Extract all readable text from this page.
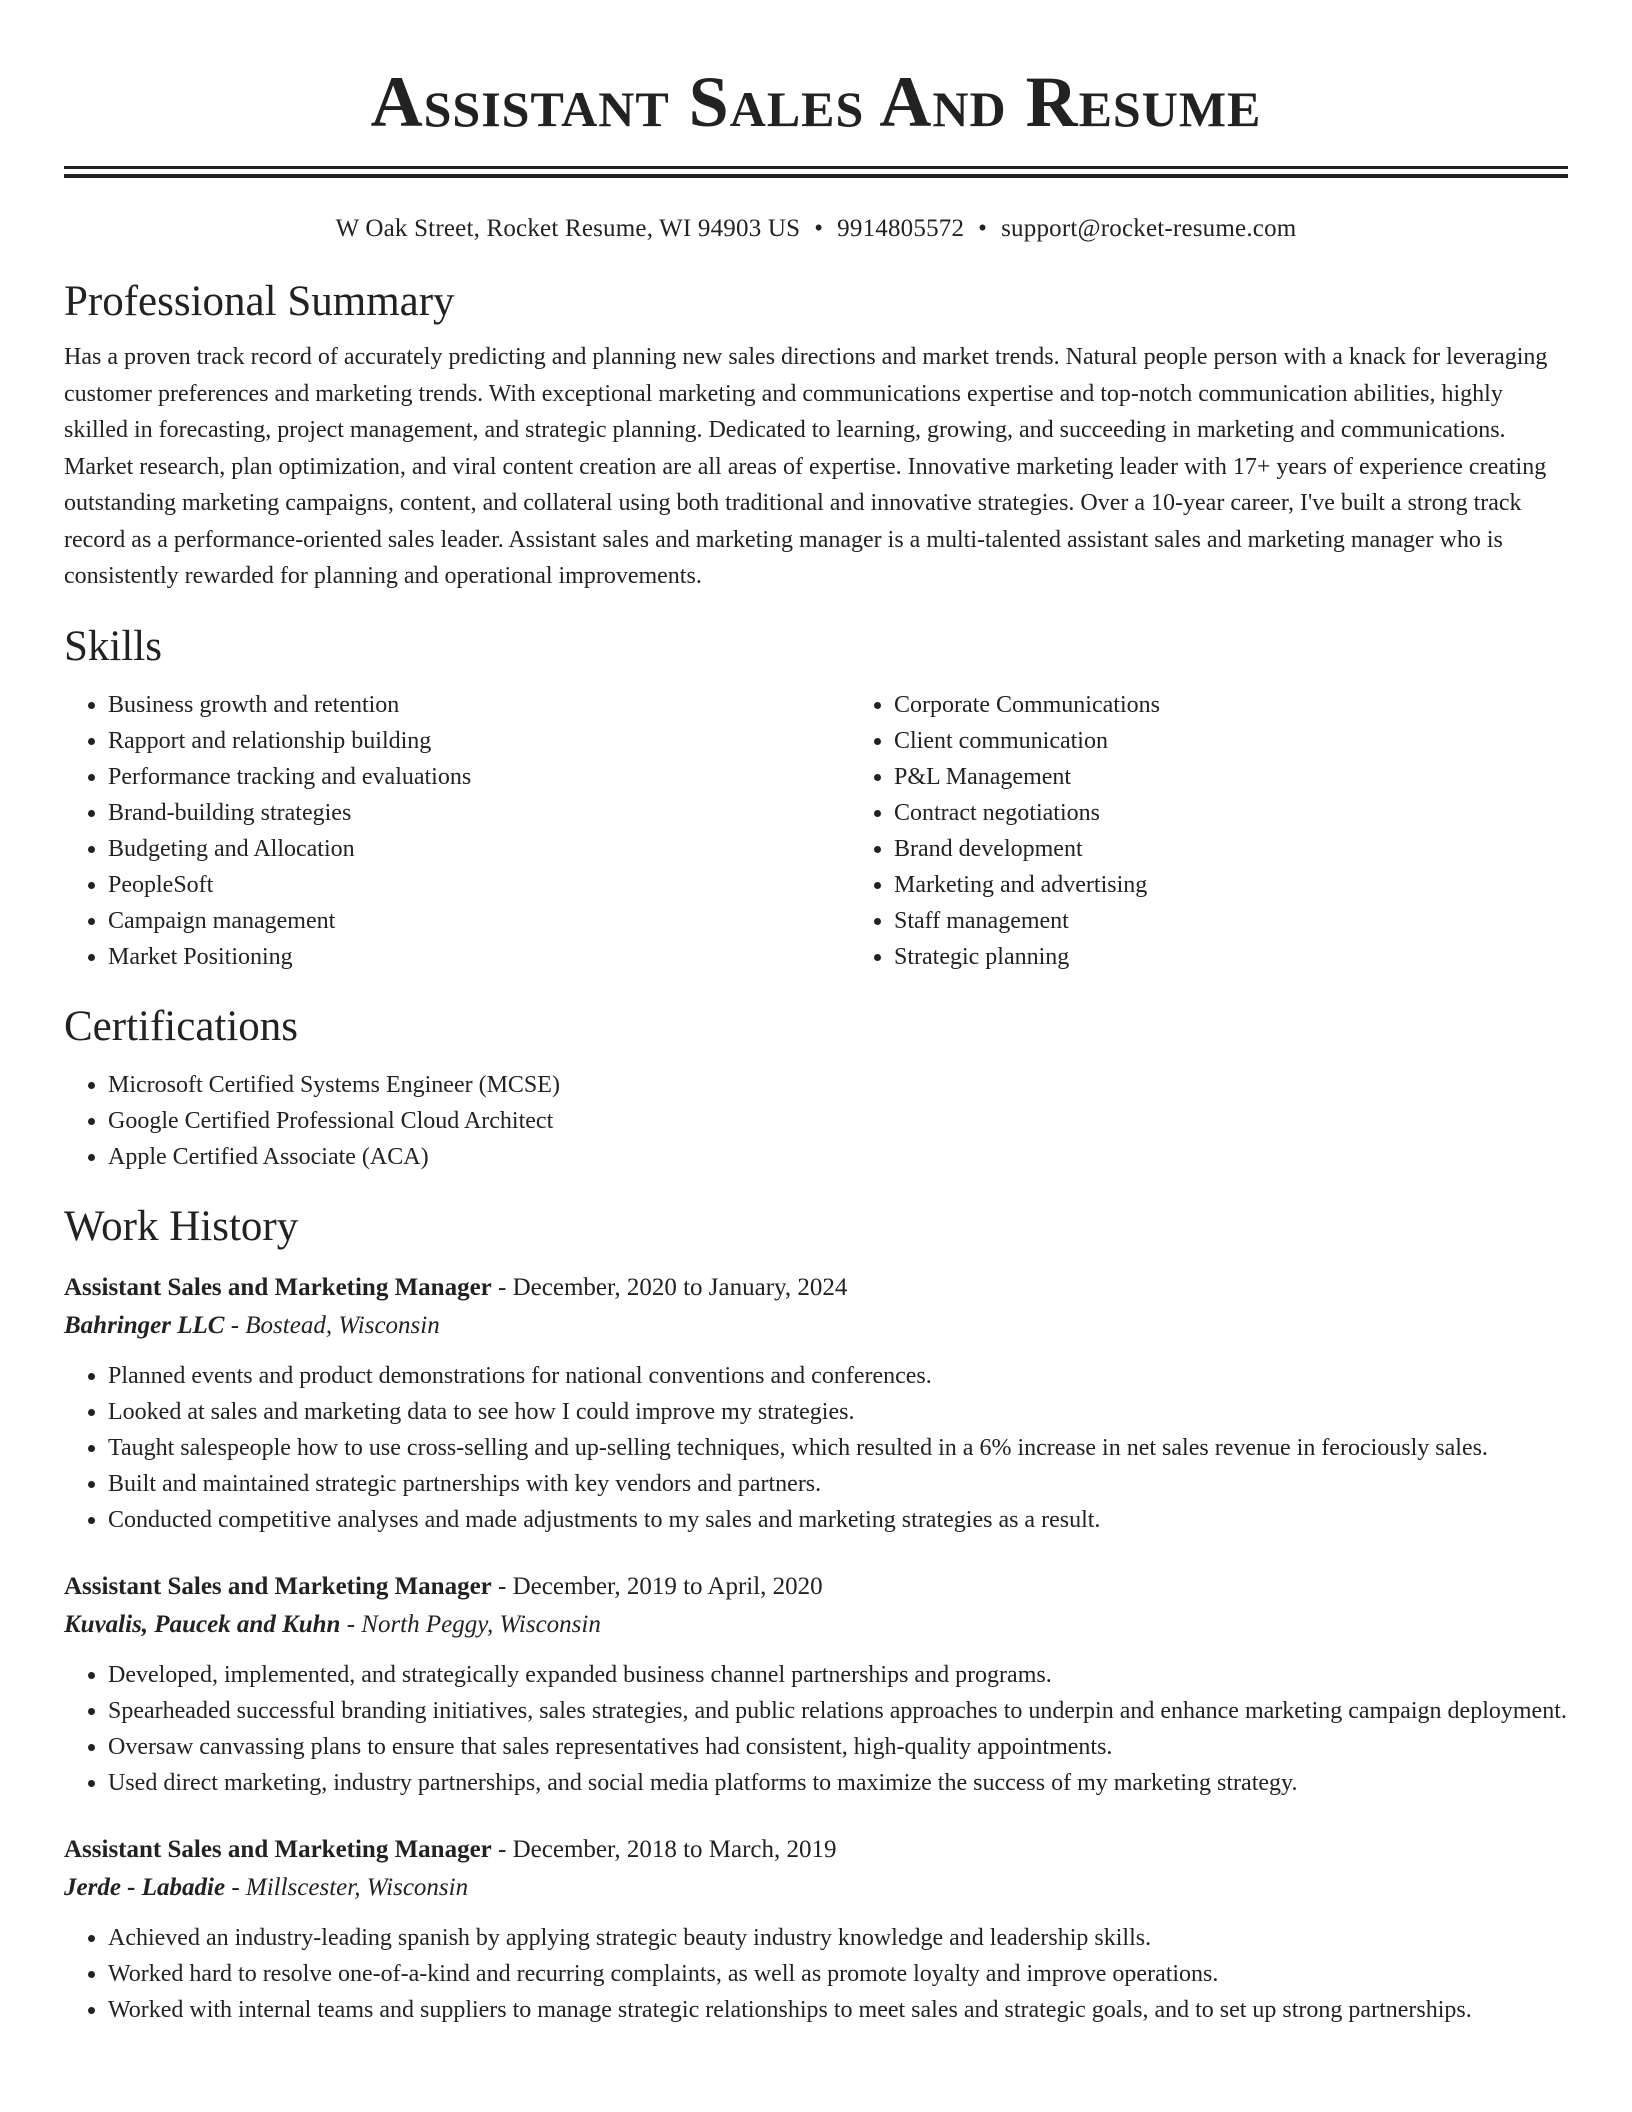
Assistant Sales And Resume
W Oak Street, Rocket Resume, WI 94903 US • 9914805572 • support@rocket-resume.com
Professional Summary

Has a proven track record of accurately predicting and planning new sales directions and market trends. Natural people person with a knack for leveraging customer preferences and marketing trends. With exceptional marketing and communications expertise and top-notch communication abilities, highly skilled in forecasting, project management, and strategic planning. Dedicated to learning, growing, and succeeding in marketing and communications. Market research, plan optimization, and viral content creation are all areas of expertise. Innovative marketing leader with 17+ years of experience creating outstanding marketing campaigns, content, and collateral using both traditional and innovative strategies. Over a 10-year career, I've built a strong track record as a performance-oriented sales leader. Assistant sales and marketing manager is a multi-talented assistant sales and marketing manager who is consistently rewarded for planning and operational improvements.

Skills
• Business growth and retention
• Rapport and relationship building
• Performance tracking and evaluations
• Brand-building strategies
• Budgeting and Allocation
• PeopleSoft
• Campaign management
• Market Positioning
• Corporate Communications
• Client communication
• P&L Management
• Contract negotiations
• Brand development
• Marketing and advertising
• Staff management
• Strategic planning
Certifications
• Microsoft Certified Systems Engineer (MCSE)
• Google Certified Professional Cloud Architect
• Apple Certified Associate (ACA)
Work History
Assistant Sales and Marketing Manager - December, 2020 to January, 2024
Bahringer LLC - Bostead, Wisconsin
• Planned events and product demonstrations for national conventions and conferences.
• Looked at sales and marketing data to see how I could improve my strategies.
• Taught salespeople how to use cross-selling and up-selling techniques, which resulted in a 6% increase in net sales revenue in ferociously sales.
• Built and maintained strategic partnerships with key vendors and partners.
• Conducted competitive analyses and made adjustments to my sales and marketing strategies as a result.
Assistant Sales and Marketing Manager - December, 2019 to April, 2020
Kuvalis, Paucek and Kuhn - North Peggy, Wisconsin
• Developed, implemented, and strategically expanded business channel partnerships and programs.
• Spearheaded successful branding initiatives, sales strategies, and public relations approaches to underpin and enhance marketing campaign deployment.
• Oversaw canvassing plans to ensure that sales representatives had consistent, high-quality appointments.
• Used direct marketing, industry partnerships, and social media platforms to maximize the success of my marketing strategy.
Assistant Sales and Marketing Manager - December, 2018 to March, 2019
Jerde - Labadie - Millscester, Wisconsin
• Achieved an industry-leading spanish by applying strategic beauty industry knowledge and leadership skills.
• Worked hard to resolve one-of-a-kind and recurring complaints, as well as promote loyalty and improve operations.
• Worked with internal teams and suppliers to manage strategic relationships to meet sales and strategic goals, and to set up strong partnerships.
